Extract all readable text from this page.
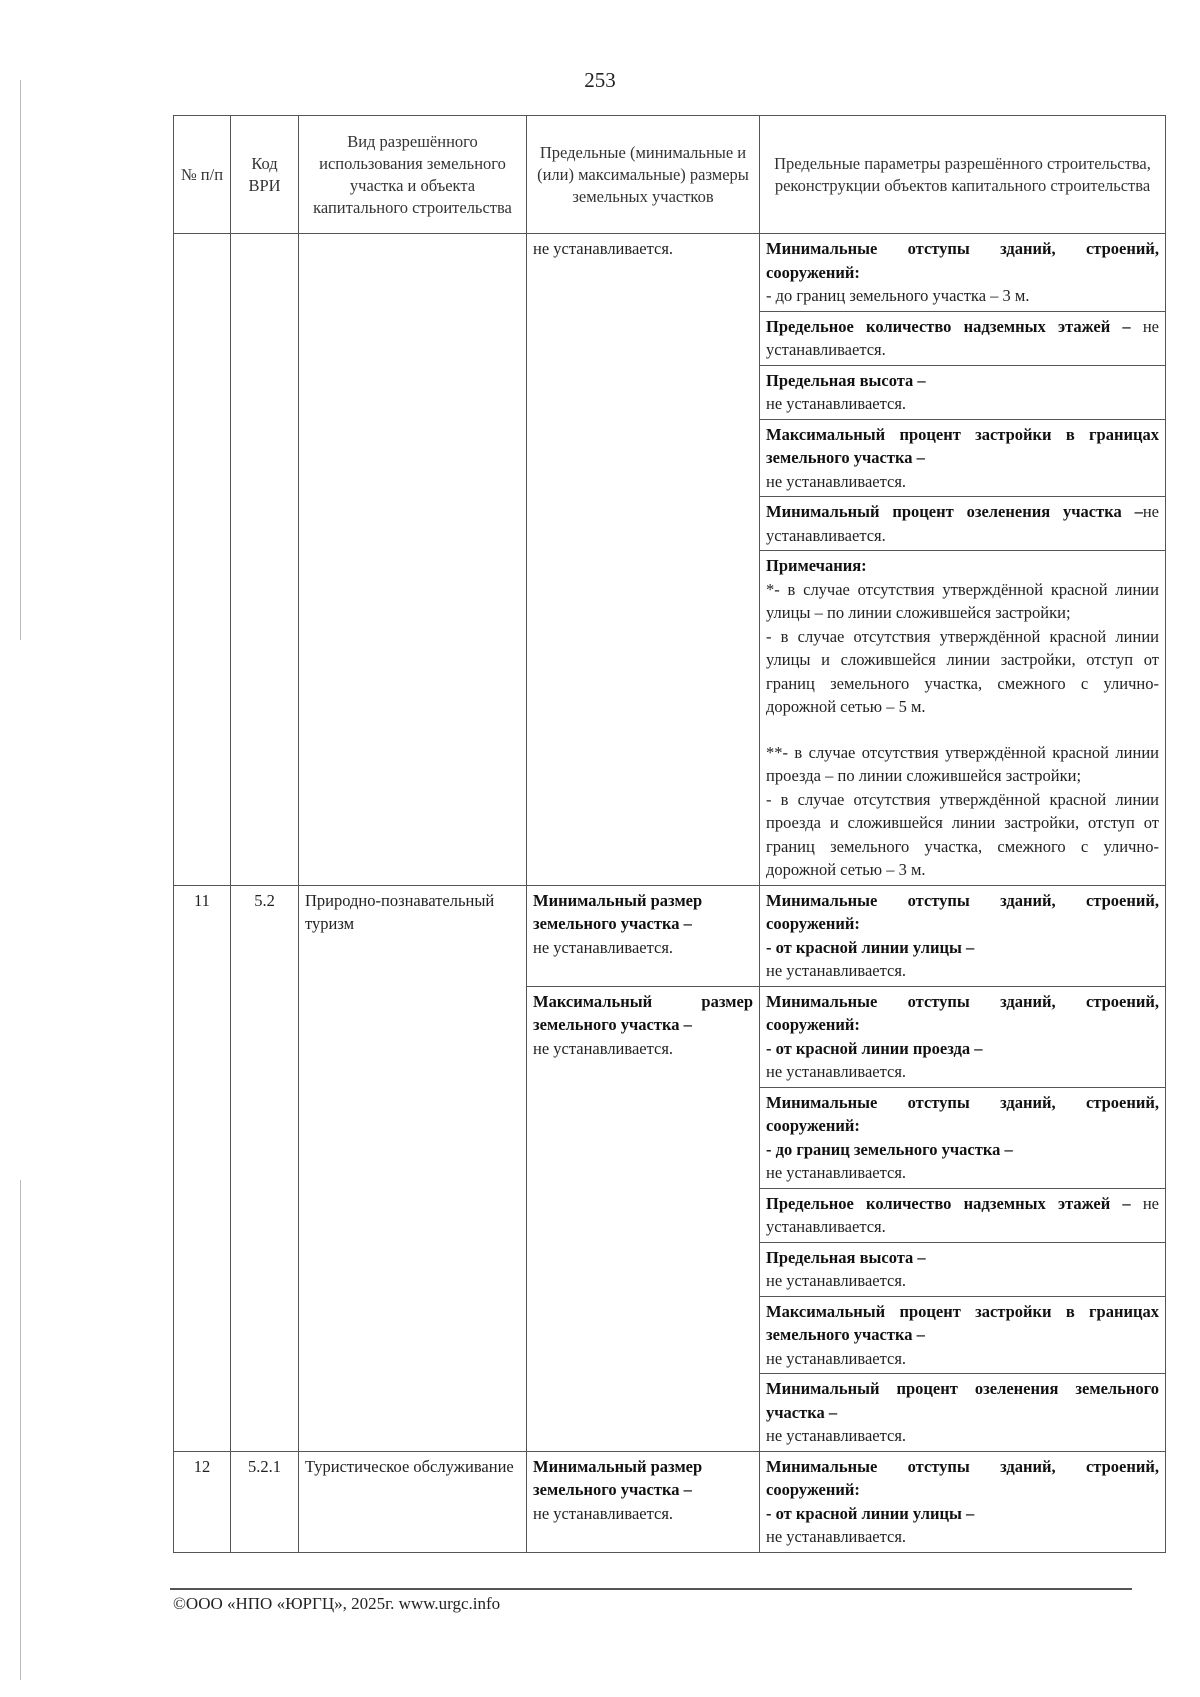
253
№ п/п	Код ВРИ	Вид разрешённого использования земельного участка и объекта капитального строительства	Предельные (минимальные и (или) максимальные) размеры земельных участков	Предельные параметры разрешённого строительства, реконструкции объектов капитального строительства
			не устанавливается.	Минимальные отступы зданий, строений, сооружений:
- до границ земельного участка – 3 м.
				Предельное количество надземных этажей – не устанавливается.
				Предельная высота –
не устанавливается.
				Максимальный процент застройки в границах земельного участка –
не устанавливается.
				Минимальный процент озеленения участка –не устанавливается.

				Примечания:
*- в случае отсутствия утверждённой красной линии улицы – по линии сложившейся застройки;
- в случае отсутствия утверждённой красной линии улицы и сложившейся линии застройки, отступ от границ земельного участка, смежного с улично-дорожной сетью – 5 м.
**- в случае отсутствия утверждённой красной линии проезда – по линии сложившейся застройки;
- в случае отсутствия утверждённой красной линии проезда и сложившейся линии застройки, отступ от границ земельного участка, смежного с улично-дорожной сетью – 3 м.

11	5.2	Природно-познавательный туризм	Минимальный размер земельного участка –
не устанавливается.	Минимальные отступы зданий, строений, сооружений:
- от красной линии улицы –
не устанавливается.

			Максимальный размер земельного участка –
не устанавливается.	Минимальные отступы зданий, строений, сооружений:
- от красной линии проезда –
не устанавливается.
				Минимальные отступы зданий, строений, сооружений:
- до границ земельного участка –
не устанавливается.
				Предельное количество надземных этажей – не устанавливается.
				Предельная высота –
не устанавливается.
				Максимальный процент застройки в границах земельного участка –
не устанавливается.
				Минимальный процент озеленения земельного участка –
не устанавливается.
12	5.2.1	Туристическое обслуживание	Минимальный размер земельного участка –
не устанавливается.	Минимальные отступы зданий, строений, сооружений:
- от красной линии улицы –
не устанавливается.
©ООО «НПО «ЮРГЦ», 2025г. www.urgc.info
